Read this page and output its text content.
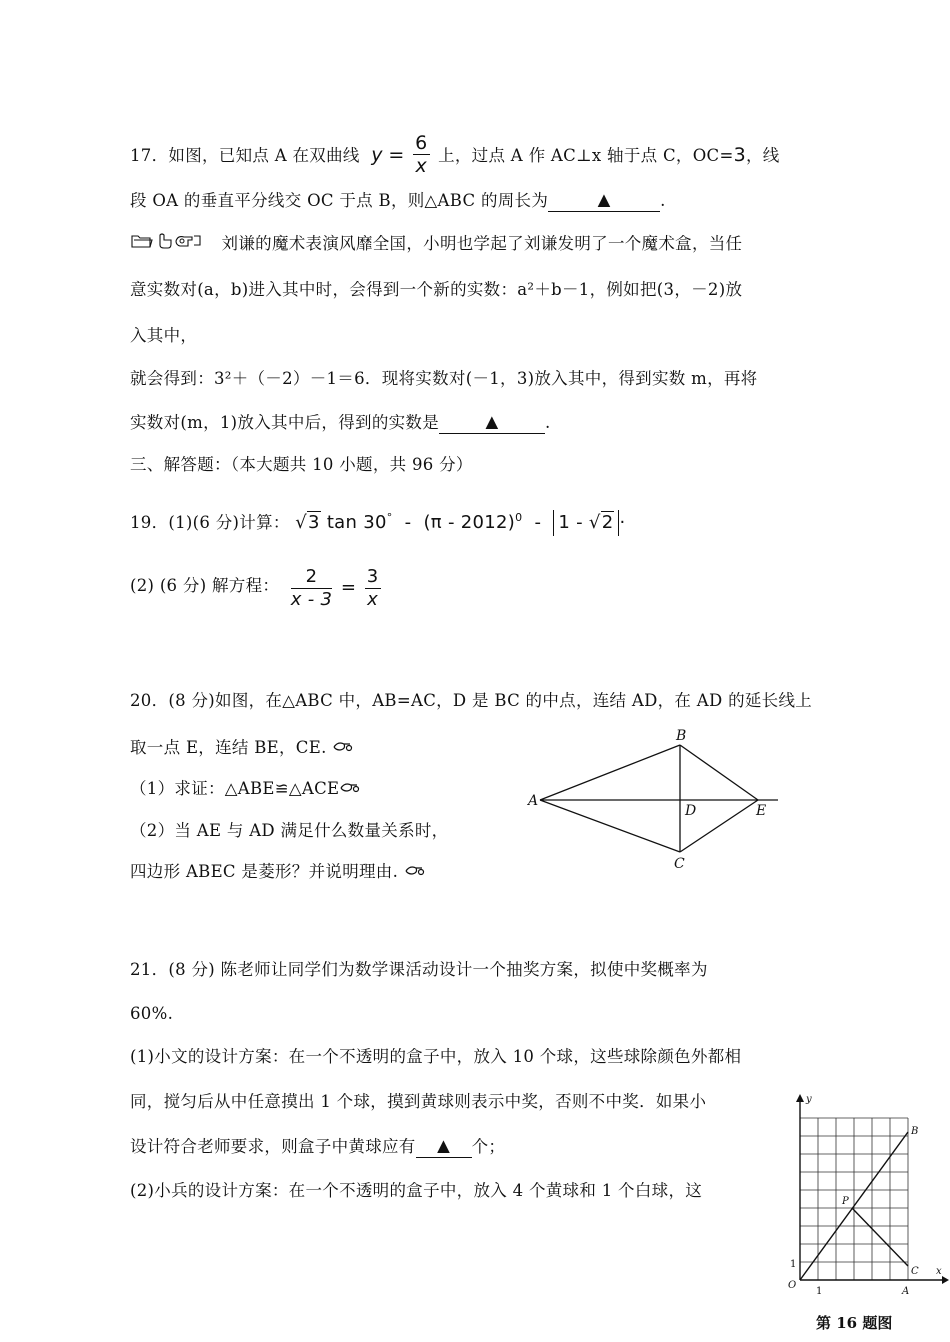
17．如图，已知点 A 在双曲线 $y = \frac{6}{x}$ 上，过点 A 作 AC⊥x 轴于点 C，OC=3，线
段 OA 的垂直平分线交 OC 于点 B，则△ABC 的周长为	▲	.
刘谦的魔术表演风靡全国，小明也学起了刘谦发明了一个魔术盒，当任
意实数对(a，b)进入其中时，会得到一个新的实数：a²＋b－1，例如把(3，－2)放
入其中，
就会得到：3²＋（－2）－1＝6．现将实数对(－1，3)放入其中，得到实数 m，再将
实数对(m，1)放入其中后，得到的实数是	▲	.
三、解答题：（本大题共 10 小题，共 96 分）
19．(1)(6 分)计算： √3 tan 30°  -  (π - 2012)$^0$  -  1 - √2 ·
(2) (6 分) 解方程： $\frac{2}{x - 3} = \frac{3}{x}$
20．(8 分)如图，在△ABC 中，AB=AC，D 是 BC 的中点，连结 AD，在 AD 的延长线上
取一点 E，连结 BE，CE.
（1）求证：△ABE≌△ACE
（2）当 AE 与 AD 满足什么数量关系时，
四边形 ABEC 是菱形？并说明理由.
B
A
D	E
C
21．(8 分) 陈老师让同学们为数学课活动设计一个抽奖方案，拟使中奖概率为
60%.
(1)小文的设计方案：在一个不透明的盒子中，放入 10 个球，这些球除颜色外都相
同，搅匀后从中任意摸出 1 个球，摸到黄球则表示中奖，否则不中奖．如果小
设计符合老师要求，则盒子中黄球应有 ▲ 个；
(2)小兵的设计方案：在一个不透明的盒子中，放入 4 个黄球和 1 个白球，这
y
x
B
P
C
O
A
1
1
第 16 题图
